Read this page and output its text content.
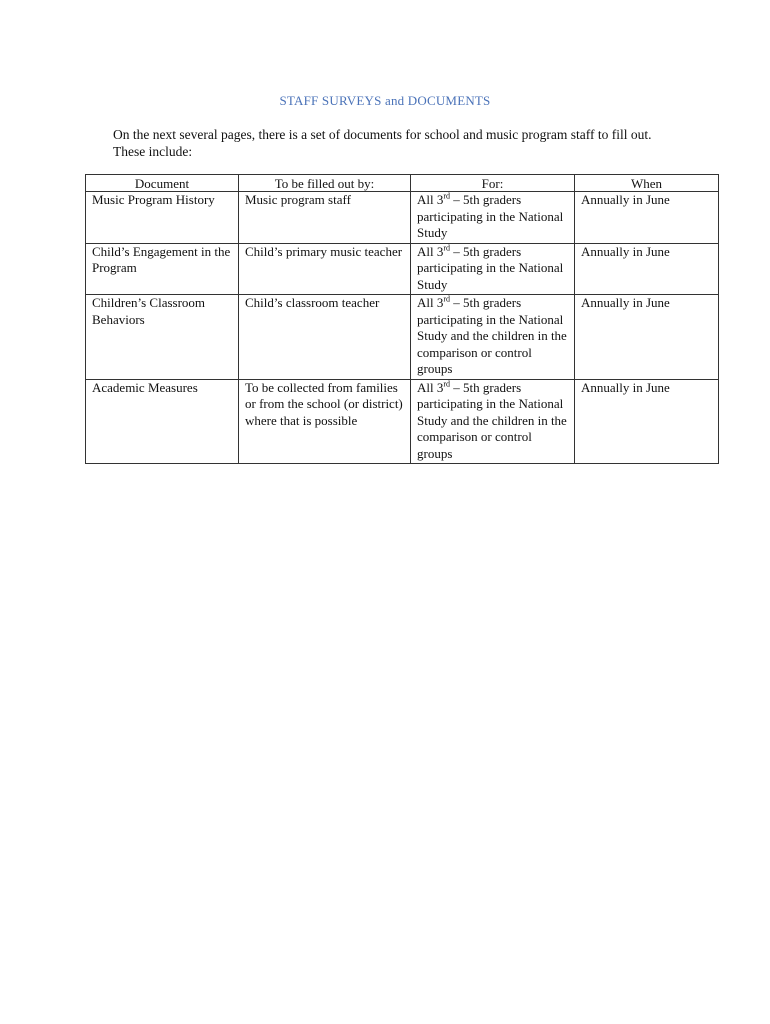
STAFF SURVEYS and DOCUMENTS
On the next several pages, there is a set of documents for school and music program staff to fill out. These include:
Document	To be filled out by:	For:	When
Music Program History	Music program staff	All 3rd – 5th graders participating in the National Study	Annually in June
Child’s Engagement in the Program	Child’s primary music teacher	All 3rd – 5th graders participating in the National Study	Annually in June
Children’s Classroom Behaviors	Child’s classroom teacher	All 3rd – 5th graders participating in the National Study and the children in the comparison or control groups	Annually in June
Academic Measures	To be collected from families or from the school (or district) where that is possible	All 3rd – 5th graders participating in the National Study and the children in the comparison or control groups	Annually in June
